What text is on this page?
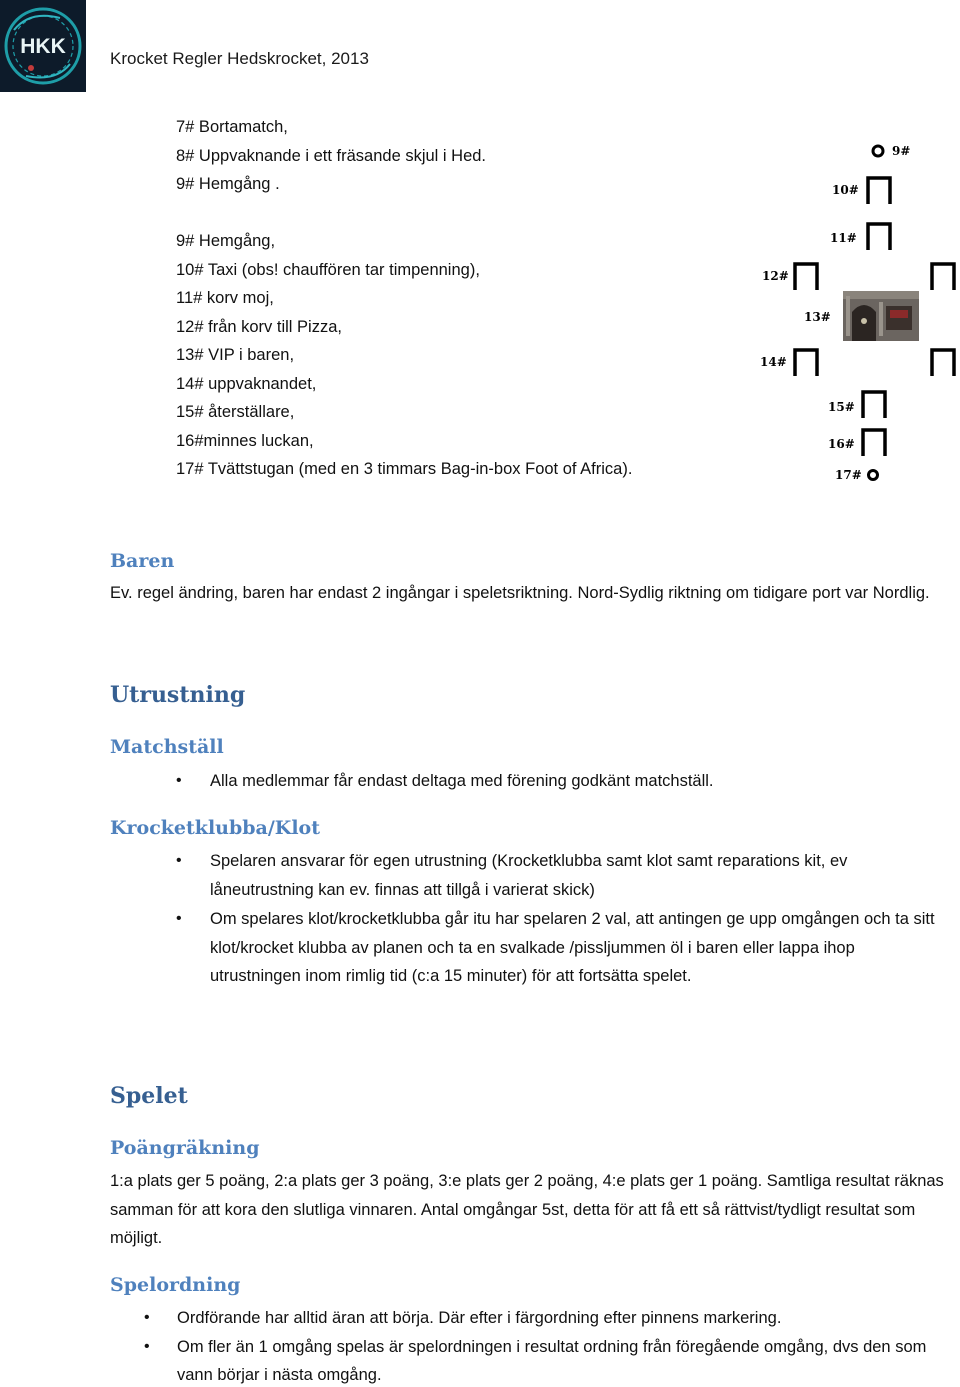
HKK
Krocket Regler Hedskrocket, 2013
7# Bortamatch,
8# Uppvaknande i ett fräsande skjul i Hed.
9# Hemgång .
9# Hemgång,
10# Taxi (obs! chauffören tar timpenning),
11# korv moj,
12# från korv till Pizza,
13# VIP i baren,
14# uppvaknandet,
15# återställare,
16#minnes luckan,
17# Tvättstugan (med en 3 timmars Bag-in-box Foot of Africa).
9#
10#
11#
12#
13#
14#
15#
16#
17#
Baren
Ev. regel ändring, baren har endast 2 ingångar i speletsriktning. Nord-Sydlig riktning om tidigare port var Nordlig.
Utrustning
Matchställ
• Alla medlemmar får endast deltaga med förening godkänt matchställ.
Krocketklubba/Klot
• Spelaren ansvarar för egen utrustning (Krocketklubba samt klot samt reparations kit, ev låneutrustning kan ev. finnas att tillgå i varierat skick)
• Om spelares klot/krocketklubba går itu har spelaren 2 val, att antingen ge upp omgången och ta sitt klot/krocket klubba av planen och ta en svalkade /pissljummen öl i baren eller lappa ihop utrustningen inom rimlig tid (c:a 15 minuter) för att fortsätta spelet.
Spelet
Poängräkning
1:a plats ger 5 poäng, 2:a plats ger 3 poäng, 3:e plats ger 2 poäng, 4:e plats ger 1 poäng. Samtliga resultat räknas samman för att kora den slutliga vinnaren. Antal omgångar 5st, detta för att få ett så rättvist/tydligt resultat som möjligt.
Spelordning
• Ordförande har alltid äran att börja. Där efter i färgordning efter pinnens markering.
• Om fler än 1 omgång spelas är spelordningen i resultat ordning från föregående omgång, dvs den som vann börjar i nästa omgång.
